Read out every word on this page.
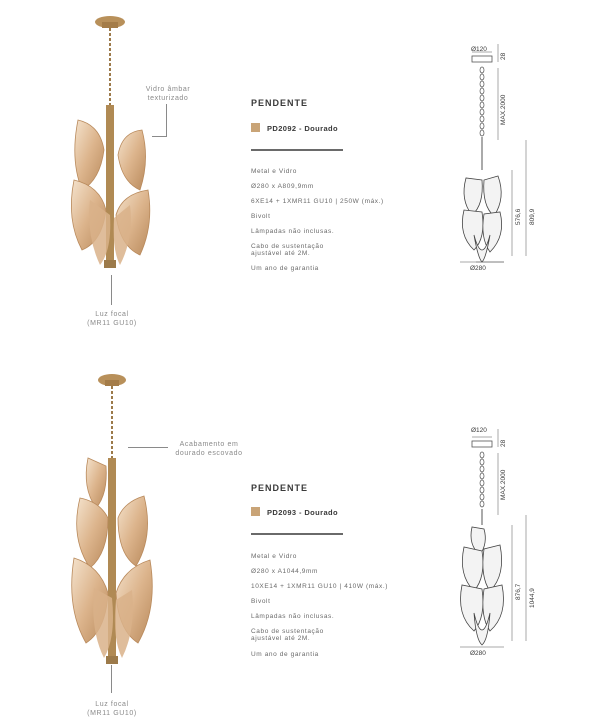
Vidro âmbar
texturizado
Luz focal
(MR11 GU10)
PENDENTE
PD2092 - Dourado
Metal e Vidro
Ø280 x A809,9mm
6XE14 + 1XMR11 GU10 | 250W (máx.)
Bivolt
Lâmpadas não inclusas.
Cabo de sustentação
ajustável até 2M.
Um ano de garantia
Ø120
28
MAX.2000
576,6 809,9
Ø280
Acabamento em
dourado escovado
Luz focal
(MR11 GU10)
PENDENTE
PD2093 - Dourado
Metal e Vidro
Ø280 x A1044,9mm
10XE14 + 1XMR11 GU10 | 410W (máx.)
Bivolt
Lâmpadas não inclusas.
Cabo de sustentação
ajustável até 2M.
Um ano de garantia
Ø120
28
MAX.2000
876,7 1044,9
Ø280
